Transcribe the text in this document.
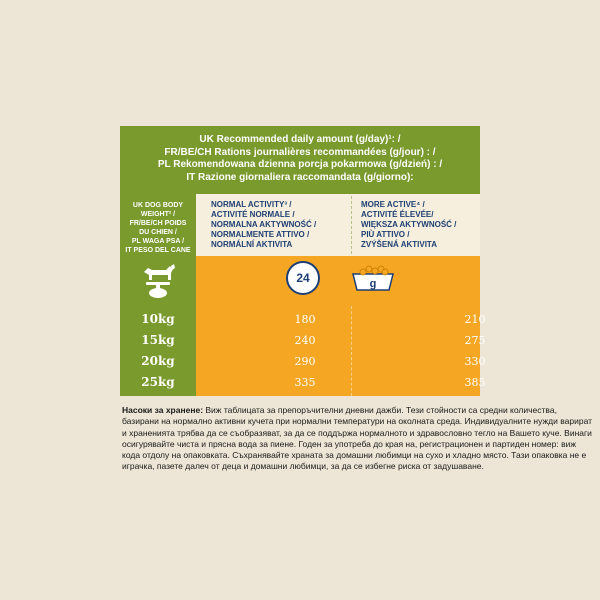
UK Recommended daily amount (g/day)¹: /
FR/BE/CH Rations journalières recommandées (g/jour) : /
PL Rekomendowana dzienna porcja pokarmowa (g/dzień) : /
IT Razione giornaliera raccomandata (g/giorno):
UK DOG BODY
WEIGHT² /
FR/BE/CH POIDS
DU CHIEN /
PL WAGA PSA /
IT PESO DEL CANE
NORMAL ACTIVITY³ /
ACTIVITÉ NORMALE /
NORMALNA AKTYWNOŚĆ /
NORMALMENTE ATTIVO /
NORMÁLNÍ AKTIVITA
MORE ACTIVE⁴ /
ACTIVITÉ ÉLEVÉE/
WIĘKSZA AKTYWNOŚĆ /
PIÙ ATTIVO /
ZVÝŠENÁ AKTIVITA
24	g
10kg	180	210
15kg	240	275
20kg	290	330
25kg	335	385
Насоки за хранене: Виж таблицата за препоръчителни дневни дажби. Тези стойности са средни количества, базирани на нормално активни кучета при нормални температури на околната среда. Индивидуалните нужди варират и храненията трябва да се съобразяват, за да се поддържа нормалното и здравословно тегло на Вашето куче. Винаги осигурявайте чиста и прясна вода за пиене. Годен за употреба до края на, регистрационен и партиден номер: виж кода отдолу на опаковката. Съхранявайте храната за домашни любимци на сухо и хладно място. Тази опаковка не е играчка, пазете далеч от деца и домашни любимци, за да се избегне риска от задушаване.
